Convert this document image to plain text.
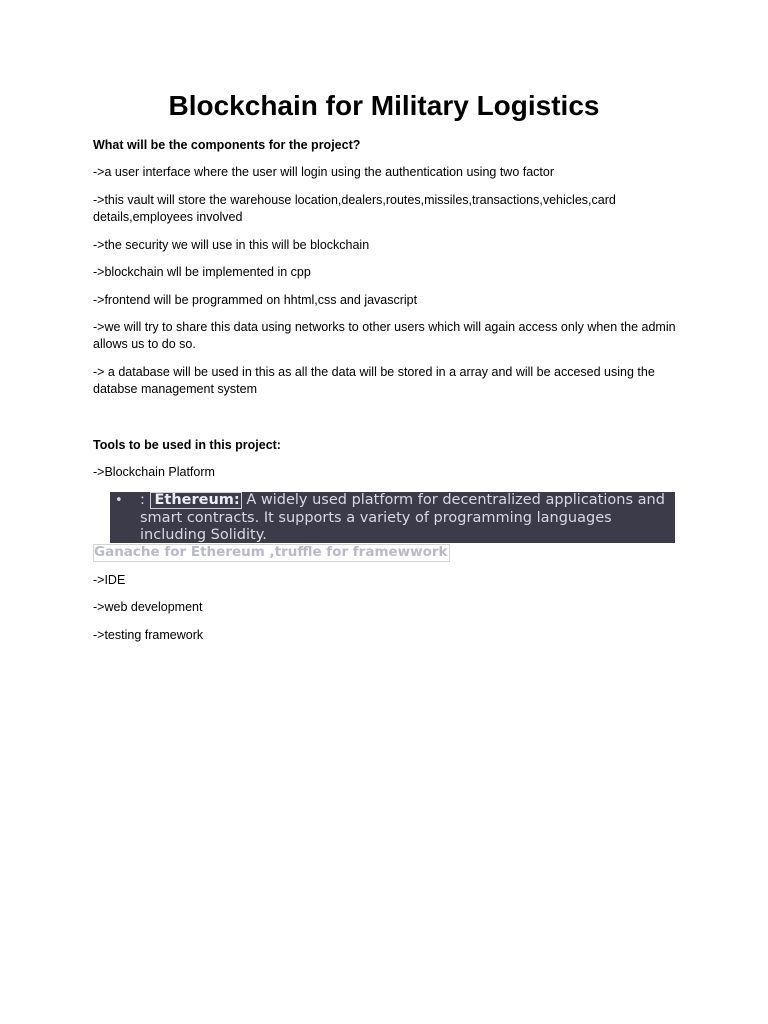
Blockchain for Military Logistics
What will be the components for the project?
->a user interface where the user will login using the authentication using two factor
->this vault will store the warehouse location,dealers,routes,missiles,transactions,vehicles,card details,employees involved
->the security we will use in this will be blockchain
->blockchain wll be implemented in cpp
->frontend will be programmed on hhtml,css and javascript
->we will try to share this data using networks to other users which will again access only when the admin allows us to do so.
-> a database will be used in this as all the data will be stored in a array and will be accesed using the databse management system
Tools to be used in this project:
->Blockchain Platform
• : Ethereum: A widely used platform for decentralized applications and smart contracts. It supports a variety of programming languages including Solidity.
Ganache for Ethereum ,truffle for framewwork
->IDE
->web development
->testing framework
